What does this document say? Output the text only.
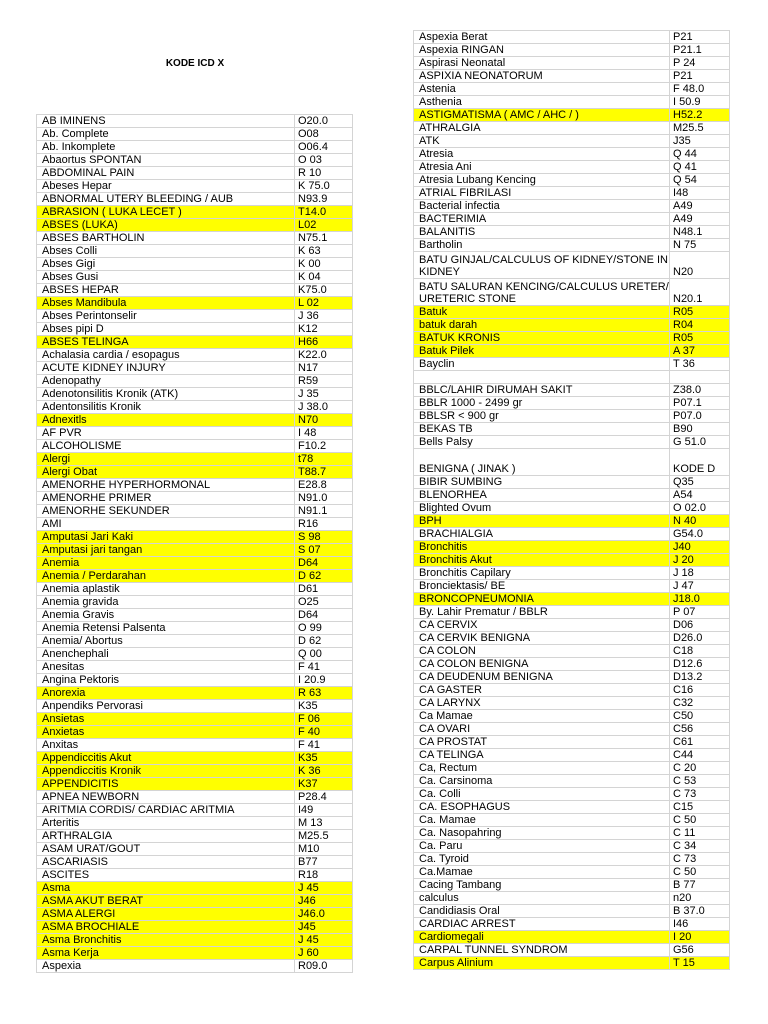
KODE ICD X
AB IMINENS	O20.0
Ab. Complete	O08
Ab. Inkomplete	O06.4
Abaortus SPONTAN	O 03
ABDOMINAL PAIN	R 10
Abeses Hepar	K 75.0
ABNORMAL UTERY BLEEDING / AUB	N93.9
ABRASION ( LUKA LECET )	T14.0
ABSES (LUKA)	L02
ABSES BARTHOLIN	N75.1
Abses Colli	K 63
Abses Gigi	K 00
Abses Gusi	K 04
ABSES HEPAR	K75.0
Abses Mandibula	L 02
Abses Perintonselir	J 36
Abses pipi D	K12
ABSES TELINGA	H66
Achalasia cardia / esopagus	K22.0
ACUTE KIDNEY INJURY	N17
Adenopathy	R59
Adenotonsilitis Kronik (ATK)	J 35
Adentonsilitis Kronik	J 38.0
Adnexitls	N70
AF PVR	I 48
ALCOHOLISME	F10.2
Alergi	t78
Alergi Obat	T88.7
AMENORHE HYPERHORMONAL	E28.8
AMENORHE PRIMER	N91.0
AMENORHE SEKUNDER	N91.1
AMI	R16
Amputasi Jari Kaki	S 98
Amputasi jari tangan	S 07
Anemia	D64
Anemia / Perdarahan	D 62
Anemia aplastik	D61
Anemia gravida	O25
Anemia Gravis	D64
Anemia Retensi Palsenta	O 99
Anemia/ Abortus	D 62
Anenchephali	Q 00
Anesitas	F 41
Angina Pektoris	I 20.9
Anorexia	R 63
Anpendiks Pervorasi	K35
Ansietas	F 06
Anxietas	F 40
Anxitas	F 41
Appendiccitis Akut	K35
Appendiccitis Kronik	K 36
APPENDICITIS	K37
APNEA NEWBORN	P28.4
ARITMIA CORDIS/ CARDIAC ARITMIA	I49
Arteritis	M 13
ARTHRALGIA	M25.5
ASAM URAT/GOUT	M10
ASCARIASIS	B77
ASCITES	R18
Asma	J 45
ASMA AKUT BERAT	J46
ASMA ALERGI	J46.0
ASMA BROCHIALE	J45
Asma Bronchitis	J 45
Asma Kerja	J 60
Aspexia	R09.0
Aspexia Berat	P21
Aspexia RINGAN	P21.1
Aspirasi Neonatal	P 24
ASPIXIA NEONATORUM	P21
Astenia	F 48.0
Asthenia	I 50.9
ASTIGMATISMA ( AMC / AHC / )	H52.2
ATHRALGIA	M25.5
ATK	J35
Atresia	Q 44
Atresia Ani	Q 41
Atresia Lubang Kencing	Q 54
ATRIAL FIBRILASI	I48
Bacterial infectia	A49
BACTERIMIA	A49
BALANITIS	N48.1
Bartholin	N 75
BATU GINJAL/CALCULUS OF KIDNEY/STONE IN KIDNEY	N20
BATU SALURAN KENCING/CALCULUS URETER/ URETERIC STONE	N20.1
Batuk	R05
batuk darah	R04
BATUK KRONIS	R05
Batuk Pilek	A 37
Bayclin	T 36

BBLC/LAHIR DIRUMAH SAKIT	Z38.0
BBLR 1000 - 2499 gr	P07.1
BBLSR < 900 gr	P07.0
BEKAS TB	B90
Bells Palsy	G 51.0
BENIGNA ( JINAK )	KODE D
BIBIR SUMBING	Q35
BLENORHEA	A54
Blighted Ovum	O 02.0
BPH	N 40
BRACHIALGIA	G54.0
Bronchitis	J40
Bronchitis Akut	J 20
Bronchitis Capilary	J 18
Bronciektasis/ BE	J 47
BRONCOPNEUMONIA	J18.0
By. Lahir Prematur / BBLR	P 07
CA CERVIX	D06
CA CERVIK BENIGNA	D26.0
CA COLON	C18
CA COLON BENIGNA	D12.6
CA DEUDENUM BENIGNA	D13.2
CA GASTER	C16
CA LARYNX	C32
Ca Mamae	C50
CA OVARI	C56
CA PROSTAT	C61
CA TELINGA	C44
Ca, Rectum	C 20
Ca. Carsinoma	C 53
Ca. Colli	C 73
CA. ESOPHAGUS	C15
Ca. Mamae	C 50
Ca. Nasopahring	C 11
Ca. Paru	C 34
Ca. Tyroid	C 73
Ca.Mamae	C 50
Cacing Tambang	B 77
calculus	n20
Candidiasis Oral	B 37.0
CARDIAC ARREST	I46
Cardiomegali	I 20
CARPAL TUNNEL SYNDROM	G56
Carpus Alinium	T 15
